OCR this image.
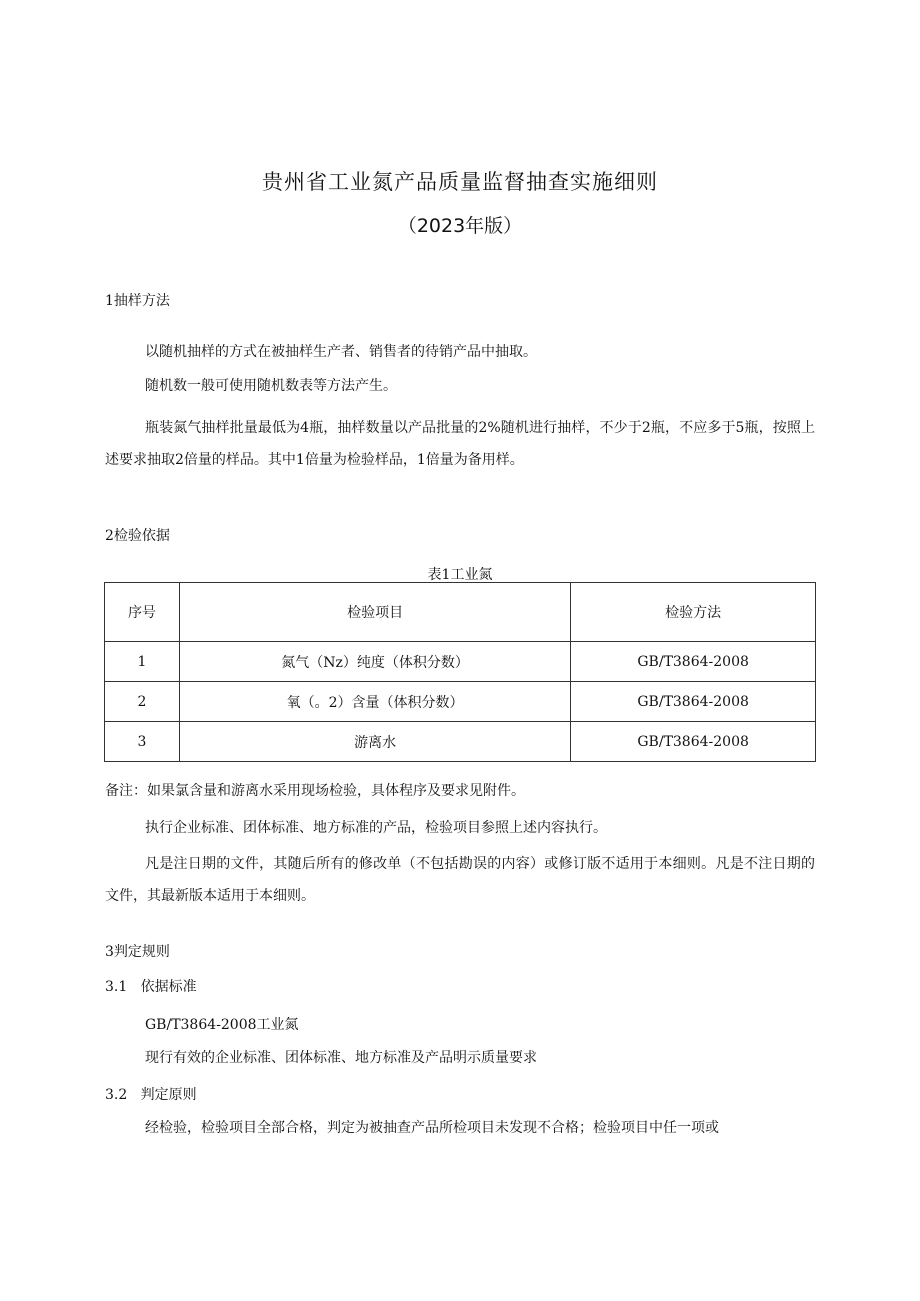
贵州省工业氮产品质量监督抽查实施细则
（2023年版）
1抽样方法
以随机抽样的方式在被抽样生产者、销售者的待销产品中抽取。
随机数一般可使用随机数表等方法产生。
瓶装氮气抽样批量最低为4瓶，抽样数量以产品批量的2%随机进行抽样，不少于2瓶，不应多于5瓶，按照上述要求抽取2倍量的样品。其中1倍量为检验样品，1倍量为备用样。
2检验依据
表1工业氮
序号	检验项目	检验方法
1	氮气（Nz）纯度（体积分数）	GB/T3864-2008
2	氧（。2）含量（体积分数）	GB/T3864-2008
3	游离水	GB/T3864-2008
备注：如果氯含量和游离水采用现场检验，具体程序及要求见附件。
执行企业标准、团体标准、地方标准的产品，检验项目参照上述内容执行。
凡是注日期的文件，其随后所有的修改单（不包括勘误的内容）或修订版不适用于本细则。凡是不注日期的文件，其最新版本适用于本细则。
3判定规则
3.1   依据标准
GB/T3864-2008工业氮
现行有效的企业标准、团体标准、地方标准及产品明示质量要求
3.2   判定原则
经检验，检验项目全部合格，判定为被抽查产品所检项目未发现不合格；检验项目中任一项或
